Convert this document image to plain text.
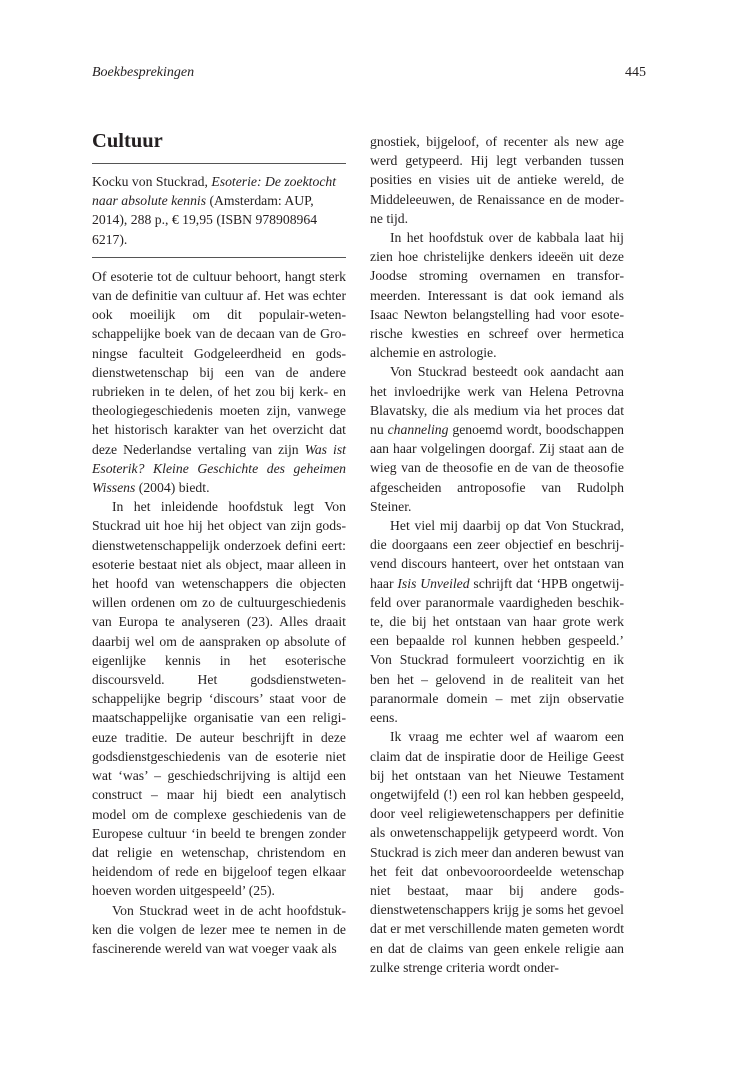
Boekbesprekingen	445
Cultuur
Kocku von Stuckrad, Esoterie: De zoektocht naar absolute kennis (Amsterdam: AUP, 2014), 288 p., € 19,95 (ISBN 978908964 6217).

Of esoterie tot de cultuur behoort, hangt sterk van de definitie van cultuur af. Het was echter ook moeilijk om dit populair-wetenschappelijke boek van de decaan van de Groningse faculteit Godgeleerdheid en godsdienstwetenschap bij een van de andere rubrieken in te delen, of het zou bij kerk- en theologiegeschiedenis moeten zijn, vanwege het historisch karakter van het overzicht dat deze Nederlandse vertaling van zijn Was ist Esoterik? Kleine Geschichte des geheimen Wissens (2004) biedt.

In het inleidende hoofdstuk legt Von Stuckrad uit hoe hij het object van zijn godsdienstwetenschappelijk onderzoek defini eert: esoterie bestaat niet als object, maar alleen in het hoofd van wetenschappers die objecten willen ordenen om zo de cultuurgeschiedenis van Europa te analyseren (23). Alles draait daarbij wel om de aanspraken op absolute of eigenlijke kennis in het esoterische discoursveld. Het godsdienstwetenschappelijke begrip ‘discours’ staat voor de maatschappelijke organisatie van een religieuze traditie. De auteur beschrijft in deze godsdienstgeschiedenis van de esoterie niet wat ‘was’ – geschiedschrijving is altijd een construct – maar hij biedt een analytisch model om de complexe geschiedenis van de Europese cultuur ‘in beeld te brengen zonder dat religie en wetenschap, christendom en heidendom of rede en bijgeloof tegen elkaar hoeven worden uitgespeeld’ (25).

Von Stuckrad weet in de acht hoofdstukken die volgen de lezer mee te nemen in de fascinerende wereld van wat voeger vaak als

gnostiek, bijgeloof, of recenter als new age werd getypeerd. Hij legt verbanden tussen posities en visies uit de antieke wereld, de Middeleeuwen, de Renaissance en de moderne tijd.

In het hoofdstuk over de kabbala laat hij zien hoe christelijke denkers ideeën uit deze Joodse stroming overnamen en transformeerden. Interessant is dat ook iemand als Isaac Newton belangstelling had voor esoterische kwesties en schreef over hermetica alchemie en astrologie.

Von Stuckrad besteedt ook aandacht aan het invloedrijke werk van Helena Petrovna Blavatsky, die als medium via het proces dat nu channeling genoemd wordt, boodschappen aan haar volgelingen doorgaf. Zij staat aan de wieg van de theosofie en de van de theosofie afgescheiden antroposofie van Rudolph Steiner.

Het viel mij daarbij op dat Von Stuckrad, die doorgaans een zeer objectief en beschrijvend discours hanteert, over het ontstaan van haar Isis Unveiled schrijft dat ‘HPB ongetwijfeld over paranormale vaardigheden beschikte, die bij het ontstaan van haar grote werk een bepaalde rol kunnen hebben gespeeld.’ Von Stuckrad formuleert voorzichtig en ik ben het – gelovend in de realiteit van het paranormale domein – met zijn observatie eens.

Ik vraag me echter wel af waarom een claim dat de inspiratie door de Heilige Geest bij het ontstaan van het Nieuwe Testament ongetwijfeld (!) een rol kan hebben gespeeld, door veel religiewetenschappers per definitie als onwetenschappelijk getypeerd wordt. Von Stuckrad is zich meer dan anderen bewust van het feit dat onbevooroordeelde wetenschap niet bestaat, maar bij andere godsdienstwetenschappers krijg je soms het gevoel dat er met verschillende maten gemeten wordt en dat de claims van geen enkele religie aan zulke strenge criteria wordt onder-
